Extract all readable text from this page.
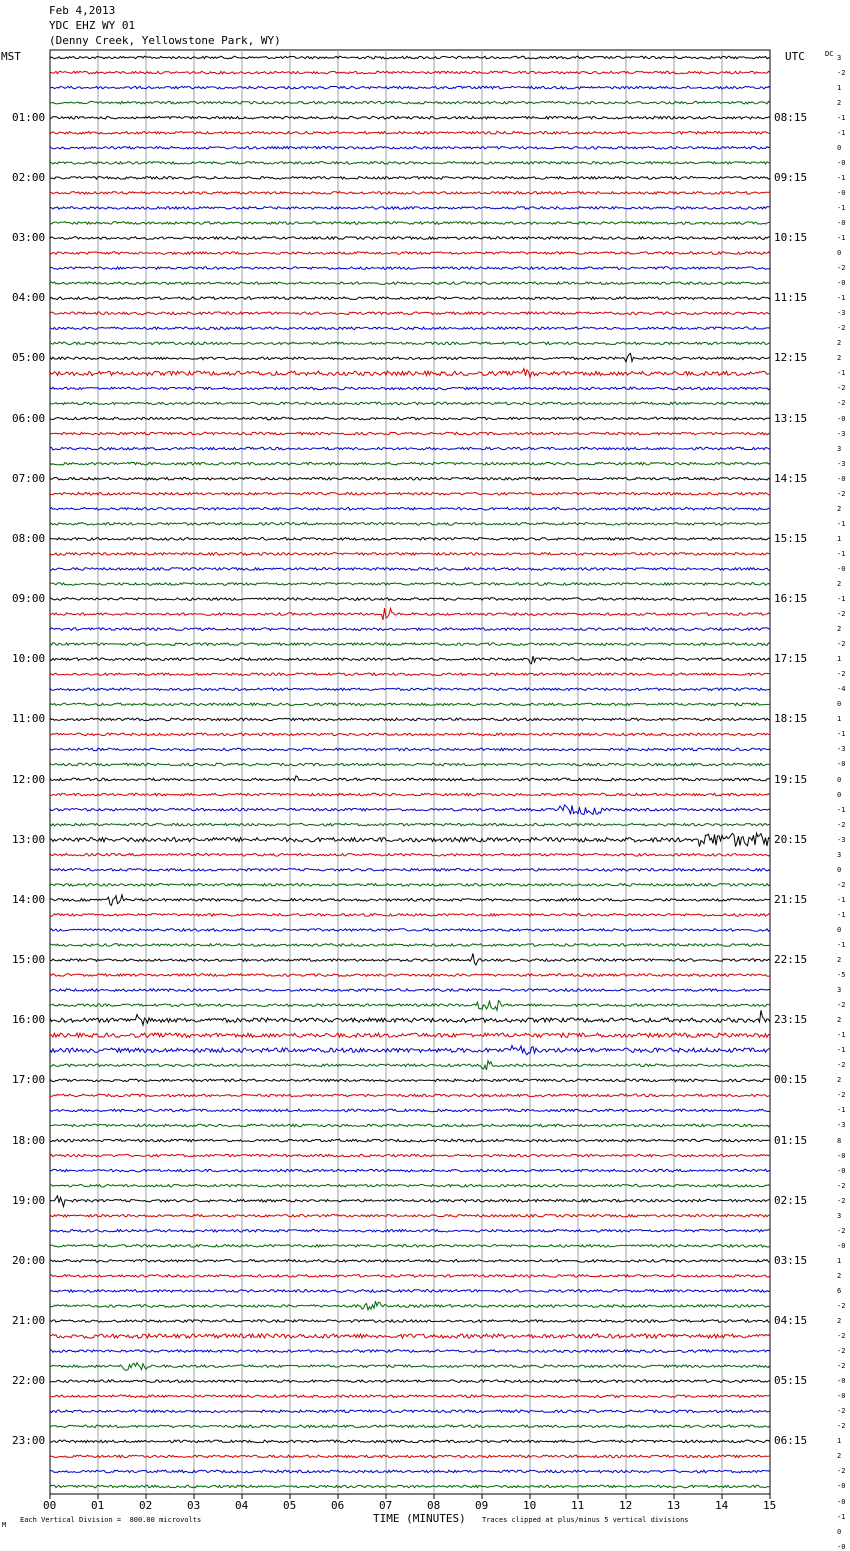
Feb 4,2013
YDC EHZ WY 01
(Denny Creek, Yellowstone Park, WY)
MST	UTC	DC
01:00
02:00
03:00
04:00
05:00
06:00
07:00
08:00
09:00
10:00
11:00
12:00
13:00
14:00
15:00
16:00
17:00
18:00
19:00
20:00
21:00
22:00
23:00
08:15
09:15
10:15
11:15
12:15
13:15
14:15
15:15
16:15
17:15
18:15
19:15
20:15
21:15
22:15
23:15
00:15
01:15
02:15
03:15
04:15
05:15
06:15
3
-2
1
2
-1
-1
0
-0
-1
-0
-1
-0
-1
0
-2
-0
-1
-3
-2
2
2
-1
-2
-2
-0
-3
3
-3
-0
-2
2
-1
1
-1
-0
2
-1
-2
2
-2
1
-2
-4
0
1
-1
-3
-0
0
0
-1
-2
-3
3
0
-2
-1
-1
0
-1
2
-5
3
-2
2
-1
-1
-2
2
-2
-1
-3
8
-0
-0
-2
-2
3
-2
-0
1
2
6
-2
2
-2
-2
-2
-0
-0
-2
-2
1
2
-2
-0
-0
-1
0
-0
00	01	02	03	04	05	06	07	08	09	10	11	12	13	14	15
M
Each Vertical Division =  800.00 microvolts	TIME (MINUTES) Traces clipped at plus/minus 5 vertical divisions
